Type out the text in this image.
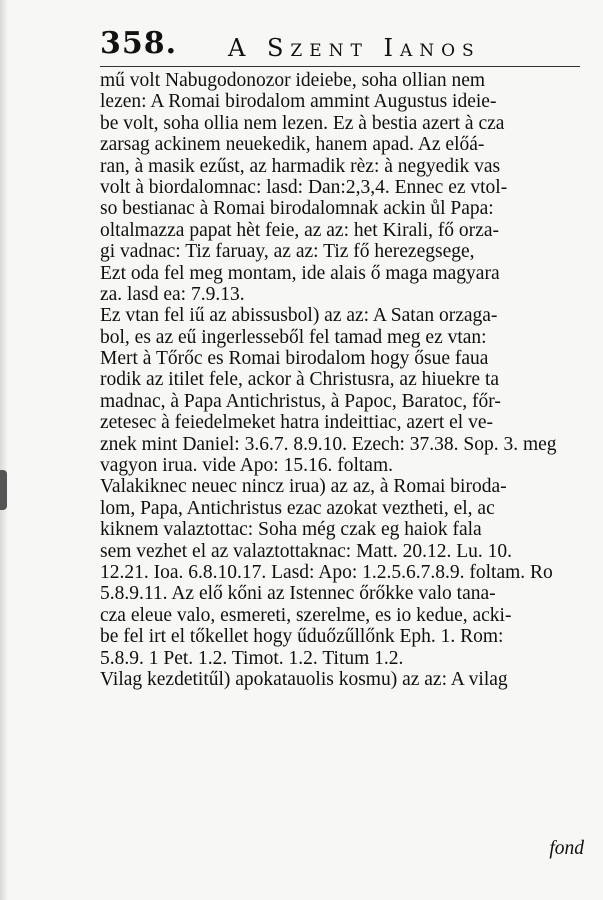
358. A Szent Ianos
mű volt Nabugodonozor ideiebe, soha ollian nem
lezen: A Romai birodalom ammint Augustus ideie-
be volt, soha ollia nem lezen. Ez à bestia azert à cza
zarsag ackinem neuekedik, hanem apad. Az előá-
ran, à masik ezűst, az harmadik rèz: à negyedik vas
volt à biordalomnac: lasd: Dan:2,3,4. Ennec ez vtol-
so bestianac à Romai birodalomnak ackin ůl Papa:
oltalmazza papat hèt feie, az az: het Kirali, fő orza-
gi vadnac: Tiz faruay, az az: Tiz fő herezegsege,
Ezt oda fel meg montam, ide alais ő maga magyara
za. lasd ea: 7.9.13.
Ez vtan fel iű az abissusbol) az az: A Satan orzaga-
bol, es az eű ingerlesseből fel tamad meg ez vtan:
Mert à Tőrőc es Romai birodalom hogy ősue faua
rodik az itilet fele, ackor à Christusra, az hiuekre ta
madnac, à Papa Antichristus, à Papoc, Baratoc, főr-
zetesec à feiedelmeket hatra indeittiac, azert el ve-
znek mint Daniel: 3.6.7. 8.9.10. Ezech: 37.38. Sop. 3. meg
vagyon irua. vide Apo: 15.16. foltam.
Valakiknec neuec nincz irua) az az, à Romai biroda-
lom, Papa, Antichristus ezac azokat veztheti, el, ac
kiknem valaztottac: Soha még czak eg haiok fala
sem vezhet el az valaztottaknac: Matt. 20.12. Lu. 10.
12.21. Ioa. 6.8.10.17. Lasd: Apo: 1.2.5.6.7.8.9. foltam. Ro
5.8.9.11. Az elő kőni az Istennec őrőkke valo tana-
cza eleue valo, esmereti, szerelme, es io kedue, acki-
be fel irt el tőkellet hogy űduőzűllőnk Eph. 1. Rom:
5.8.9. 1 Pet. 1.2. Timot. 1.2. Titum 1.2.
Vilag kezdetitűl) apokatauolis kosmu) az az: A vilag
fond
